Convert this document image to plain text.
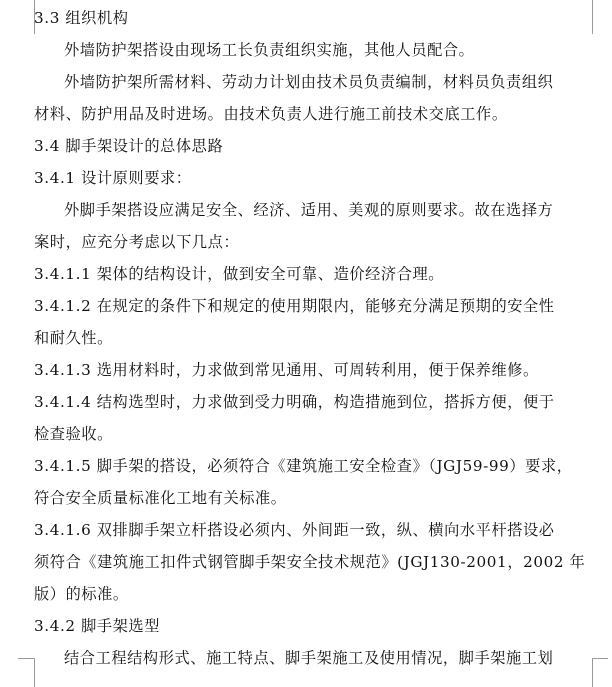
3.3 组织机构
外墙防护架搭设由现场工长负责组织实施，其他人员配合。
外墙防护架所需材料、劳动力计划由技术员负责编制，材料员负责组织
材料、防护用品及时进场。由技术负责人进行施工前技术交底工作。
3.4 脚手架设计的总体思路
3.4.1 设计原则要求：
外脚手架搭设应满足安全、经济、适用、美观的原则要求。故在选择方
案时，应充分考虑以下几点：
3.4.1.1 架体的结构设计，做到安全可靠、造价经济合理。
3.4.1.2 在规定的条件下和规定的使用期限内，能够充分满足预期的安全性
和耐久性。
3.4.1.3 选用材料时，力求做到常见通用、可周转利用，便于保养维修。
3.4.1.4 结构选型时，力求做到受力明确，构造措施到位，搭拆方便，便于
检查验收。
3.4.1.5 脚手架的搭设，必须符合《建筑施工安全检查》（JGJ59-99）要求，
符合安全质量标准化工地有关标准。
3.4.1.6 双排脚手架立杆搭设必须内、外间距一致，纵、横向水平杆搭设必
须符合《建筑施工扣件式钢管脚手架安全技术规范》(JGJ130-2001，2002 年
版）的标准。
3.4.2 脚手架选型
结合工程结构形式、施工特点、脚手架施工及使用情况，脚手架施工划
